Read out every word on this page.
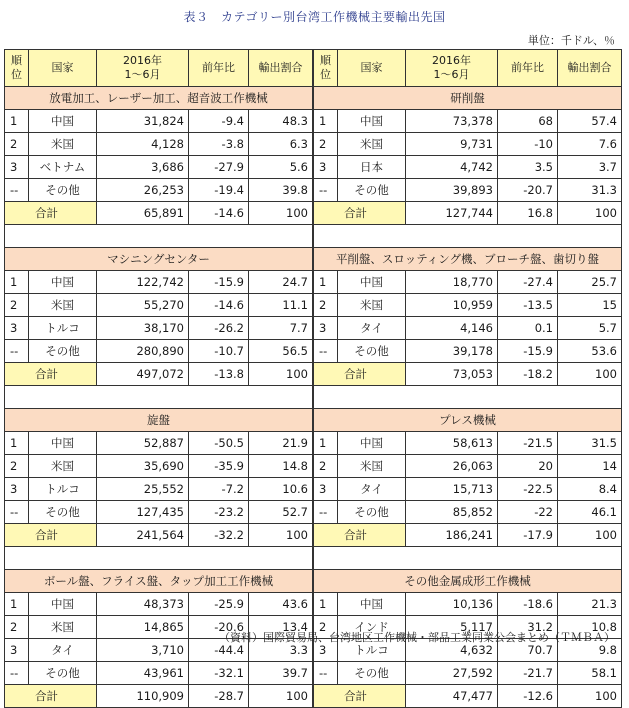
表３　カテゴリー別台湾工作機械主要輸出先国
単位：千ドル、％
順
位	国家	2016年
1～6月	前年比	輸出割合
放電加工、レーザー加工、超音波工作機械				
1	中国	31,824	-9.4	48.3
2	米国	4,128	-3.8	6.3
3	ベトナム	3,686	-27.9	5.6
--	その他	26,253	-19.4	39.8
合計		65,891	-14.6	100

マシニングセンター				
1	中国	122,742	-15.9	24.7
2	米国	55,270	-14.6	11.1
3	トルコ	38,170	-26.2	7.7
--	その他	280,890	-10.7	56.5
合計		497,072	-13.8	100

旋盤				
1	中国	52,887	-50.5	21.9
2	米国	35,690	-35.9	14.8
3	トルコ	25,552	-7.2	10.6
--	その他	127,435	-23.2	52.7
合計		241,564	-32.2	100

ボール盤、フライス盤、タップ加工工作機械				
1	中国	48,373	-25.9	43.6
2	米国	14,865	-20.6	13.4
3	タイ	3,710	-44.4	3.3
--	その他	43,961	-32.1	39.7
合計		110,909	-28.7	100
順
位	国家	2016年
1～6月	前年比	輸出割合
研削盤				
1	中国	73,378	68	57.4
2	米国	9,731	-10	7.6
3	日本	4,742	3.5	3.7
--	その他	39,893	-20.7	31.3
合計		127,744	16.8	100

平削盤、スロッティング機、ブローチ盤、歯切り盤				
1	中国	18,770	-27.4	25.7
2	米国	10,959	-13.5	15
3	タイ	4,146	0.1	5.7
--	その他	39,178	-15.9	53.6
合計		73,053	-18.2	100

プレス機械				
1	中国	58,613	-21.5	31.5
2	米国	26,063	20	14
3	タイ	15,713	-22.5	8.4
--	その他	85,852	-22	46.1
合計		186,241	-17.9	100

その他金属成形工作機械				
1	中国	10,136	-18.6	21.3
2	インド	5,117	31.2	10.8
3	トルコ	4,632	70.7	9.8
--	その他	27,592	-21.7	58.1
合計		47,477	-12.6	100
（資料）国際貿易局、台湾地区工作機械・部品工業同業公会まとめ（ＴＭＢＡ）
